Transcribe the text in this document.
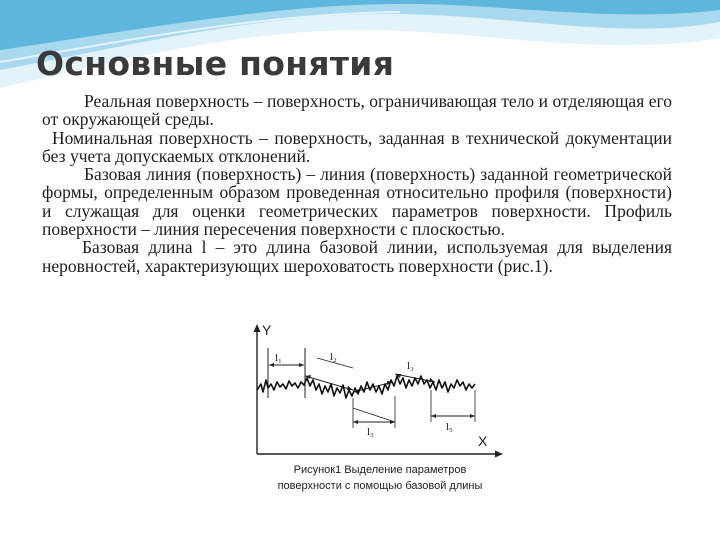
Основные понятия

Реальная поверхность – поверхность, ограничивающая тело и отделяющая его от окружающей среды.

Номинальная поверхность – поверхность, заданная в технической документации без учета допускаемых отклонений.

Базовая линия (поверхность) – линия (поверхность) заданной геометрической формы, определенным образом проведенная относительно профиля (поверхности) и служащая для оценки геометрических параметров поверхности. Профиль поверхности – линия пересечения поверхности с плоскостью.

Базовая длина l – это длина базовой линии, используемая для выделения неровностей, характеризующих шероховатость поверхности (рис.1).

Y
X
l₁	l₂
l₃
l₃	l₅
Рисунок1 Выделение параметров
поверхности с помощью базовой длины
